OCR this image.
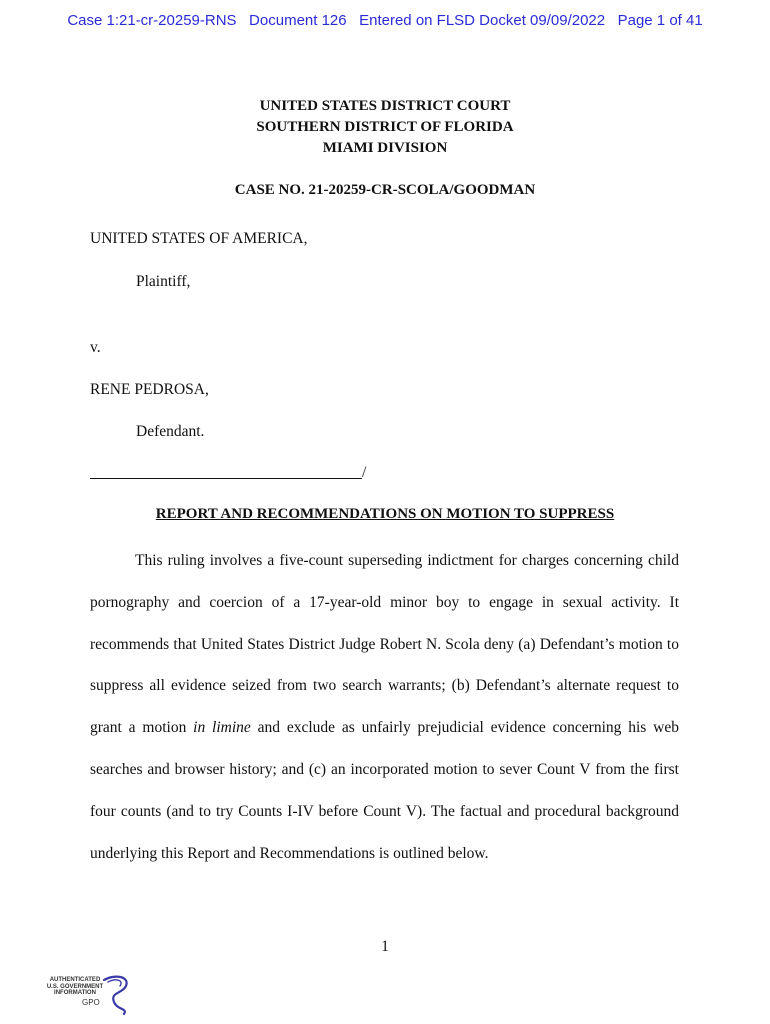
Case 1:21-cr-20259-RNS   Document 126   Entered on FLSD Docket 09/09/2022   Page 1 of 41
UNITED STATES DISTRICT COURT
SOUTHERN DISTRICT OF FLORIDA
MIAMI DIVISION
CASE NO. 21-20259-CR-SCOLA/GOODMAN
UNITED STATES OF AMERICA,
Plaintiff,
v.
RENE PEDROSA,
Defendant.
/
REPORT AND RECOMMENDATIONS ON MOTION TO SUPPRESS

This ruling involves a five-count superseding indictment for charges concerning child pornography and coercion of a 17-year-old minor boy to engage in sexual activity. It recommends that United States District Judge Robert N. Scola deny (a) Defendant’s motion to suppress all evidence seized from two search warrants; (b) Defendant’s alternate request to grant a motion in limine and exclude as unfairly prejudicial evidence concerning his web searches and browser history; and (c) an incorporated motion to sever Count V from the first four counts (and to try Counts I-IV before Count V). The factual and procedural background underlying this Report and Recommendations is outlined below.

1
AUTHENTICATED
U.S. GOVERNMENT
INFORMATION
GPO
